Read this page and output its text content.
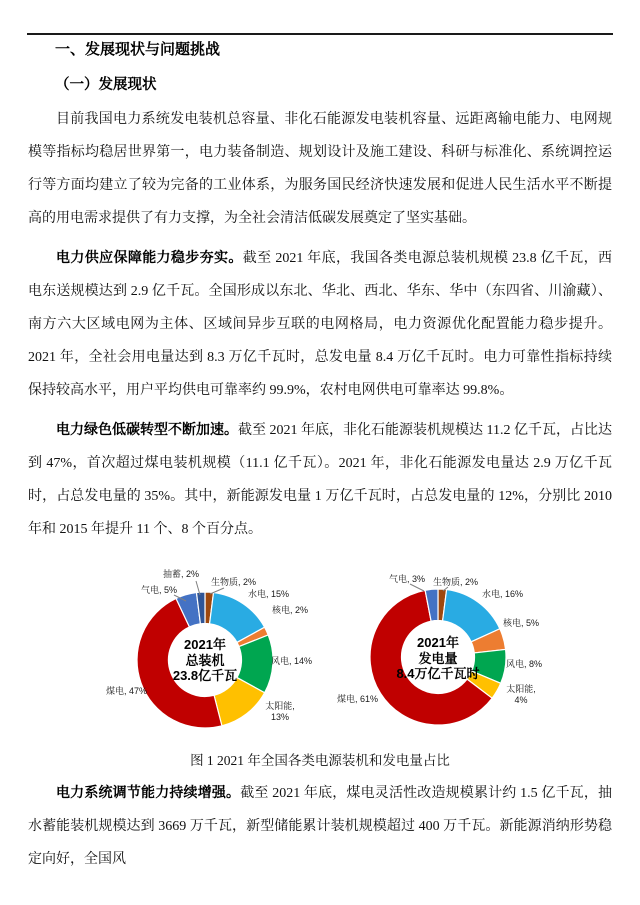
一、发展现状与问题挑战
（一）发展现状

目前我国电力系统发电装机总容量、非化石能源发电装机容量、远距离输电能力、电网规模等指标均稳居世界第一，电力装备制造、规划设计及施工建设、科研与标准化、系统调控运行等方面均建立了较为完备的工业体系，为服务国民经济快速发展和促进人民生活水平不断提高的用电需求提供了有力支撑，为全社会清洁低碳发展奠定了坚实基础。

电力供应保障能力稳步夯实。截至 2021 年底，我国各类电源总装机规模 23.8 亿千瓦，西电东送规模达到 2.9 亿千瓦。全国形成以东北、华北、西北、华东、华中（东四省、川渝藏）、南方六大区域电网为主体、区域间异步互联的电网格局，电力资源优化配置能力稳步提升。2021 年，全社会用电量达到 8.3 万亿千瓦时，总发电量 8.4 万亿千瓦时。电力可靠性指标持续保持较高水平，用户平均供电可靠率约 99.9%，农村电网供电可靠率达 99.8%。

电力绿色低碳转型不断加速。截至 2021 年底，非化石能源装机规模达 11.2 亿千瓦，占比达到 47%，首次超过煤电装机规模（11.1 亿千瓦）。2021 年，非化石能源发电量达 2.9 万亿千瓦时，占总发电量的 35%。其中，新能源发电量 1 万亿千瓦时，占总发电量的 12%，分别比 2010 年和 2015 年提升 11 个、8 个百分点。

2021年
总装机
23.8亿千瓦
抽蓄, 2%
生物质, 2%
气电, 5%	水电, 15%
核电, 2%
风电, 14%
太阳能,
13%
煤电, 47%
2021年
发电量
8.4万亿千瓦时
气电, 3% 生物质, 2%
水电, 16%
核电, 5%
风电, 8%
太阳能,
4%
煤电, 61%

图 1 2021 年全国各类电源装机和发电量占比

电力系统调节能力持续增强。截至 2021 年底，煤电灵活性改造规模累计约 1.5 亿千瓦，抽水蓄能装机规模达到 3669 万千瓦，新型储能累计装机规模超过 400 万千瓦。新能源消纳形势稳定向好，全国风
